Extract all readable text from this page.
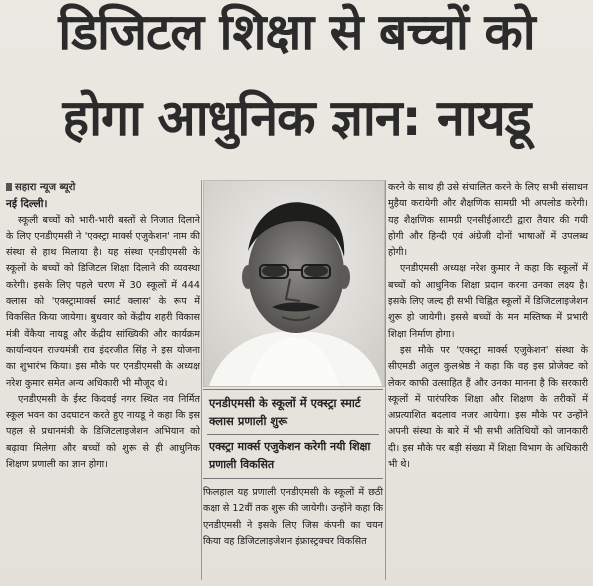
डिजिटल शिक्षा से बच्चों को
होगा आधुनिक ज्ञान: नायडू
सहारा न्यूज ब्यूरो
नई दिल्ली।

स्कूली बच्चों को भारी-भारी बस्तों से निजात दिलाने के लिए एनडीएमसी ने 'एक्स्ट्रा मार्क्स एजुकेशन' नाम की संस्था से हाथ मिलाया है। यह संस्था एनडीएमसी के स्कूलों के बच्चों को डिजिटल शिक्षा दिलाने की व्यवस्था करेगी। इसके लिए पहले चरण में 30 स्कूलों में 444 क्लास को 'एक्स्ट्रामार्क्स स्मार्ट क्लास' के रूप में विकसित किया जायेगा। बुधवार को केंद्रीय शहरी विकास मंत्री वेंकैया नायडू और केंद्रीय सांख्यिकी और कार्यक्रम कार्यान्वयन राज्यमंत्री राव इंदरजीत सिंह ने इस योजना का शुभारंभ किया। इस मौके पर एनडीएमसी के अध्यक्ष नरेश कुमार समेत अन्य अधिकारी भी मौजूद थे।

एनडीएमसी के ईस्ट किदवई नगर स्थित नव निर्मित स्कूल भवन का उदघाटन करते हुए नायडू ने कहा कि इस पहल से प्रधानमंत्री के डिजिटलाइजेशन अभियान को बढ़ावा मिलेगा और बच्चों को शुरू से ही आधुनिक शिक्षण प्रणाली का ज्ञान होगा।

एनडीएमसी के स्कूलों में एक्स्ट्रा स्मार्ट क्लास प्रणाली शुरू
एक्स्ट्रा मार्क्स एजुकेशन करेगी नयी शिक्षा प्रणाली विकसित

फिलहाल यह प्रणाली एनडीएमसी के स्कूलों में छठी कक्षा से 12वीं तक शुरू की जायेगी। उन्होंने कहा कि एनडीएमसी ने इसके लिए जिस कंपनी का चयन किया वह डिजिटलाइजेशन इंफ्रास्ट्रक्चर विकसित

करने के साथ ही उसे संचालित करने के लिए सभी संसाधन मुहैया करायेगी और शैक्षणिक सामग्री भी अपलोड करेगी। यह शैक्षणिक सामग्री एनसीईआरटी द्वारा तैयार की गयी होगी और हिन्दी एवं अंग्रेजी दोनों भाषाओं में उपलब्ध होगी।

एनडीएमसी अध्यक्ष नरेश कुमार ने कहा कि स्कूलों में बच्चों को आधुनिक शिक्षा प्रदान करना उनका लक्ष्य है। इसके लिए जल्द ही सभी चिह्नित स्कूलों में डिजिटलाइजेशन शुरू हो जायेगी। इससे बच्चों के मन मस्तिष्क में प्रभारी शिक्षा निर्माण होगा।

इस मौके पर 'एक्स्ट्रा मार्क्स एजुकेशन' संस्था के सीएमडी अतुल कुलश्रेष्ठ ने कहा कि वह इस प्रोजेक्ट को लेकर काफी उत्साहित हैं और उनका मानना है कि सरकारी स्कूलों में पारंपरिक शिक्षा और शिक्षण के तरीकों में अप्रत्याशित बदलाव नजर आयेगा। इस मौके पर उन्होंने अपनी संस्था के बारे में भी सभी अतिथियों को जानकारी दी। इस मौके पर बड़ी संख्या में शिक्षा विभाग के अधिकारी भी थे।
